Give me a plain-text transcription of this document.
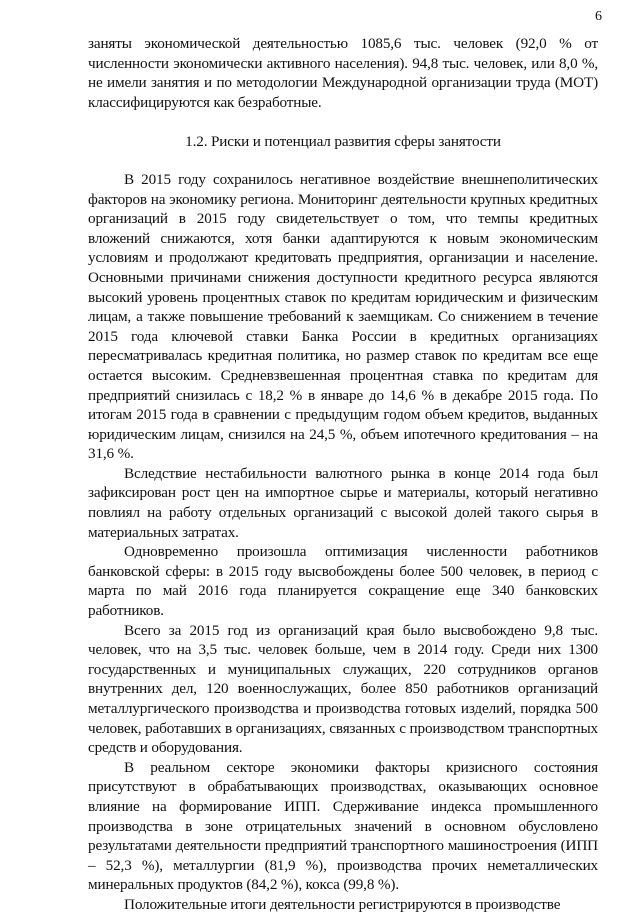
6

заняты экономической деятельностью 1085,6 тыс. человек (92,0 % от численности экономически активного населения). 94,8 тыс. человек, или 8,0 %, не имели занятия и по методологии Международной организации труда (МОТ) классифицируются как безработные.

1.2. Риски и потенциал развития сферы занятости

В 2015 году сохранилось негативное воздействие внешнеполитических факторов на экономику региона. Мониторинг деятельности крупных кредитных организаций в 2015 году свидетельствует о том, что темпы кредитных вложений снижаются, хотя банки адаптируются к новым экономическим условиям и продолжают кредитовать предприятия, организации и население. Основными причинами снижения доступности кредитного ресурса являются высокий уровень процентных ставок по кредитам юридическим и физическим лицам, а также повышение требований к заемщикам. Со снижением в течение 2015 года ключевой ставки Банка России в кредитных организациях пересматривалась кредитная политика, но размер ставок по кредитам все еще остается высоким. Средневзвешенная процентная ставка по кредитам для предприятий снизилась с 18,2 % в январе до 14,6 % в декабре 2015 года. По итогам 2015 года в сравнении с предыдущим годом объем кредитов, выданных юридическим лицам, снизился на 24,5 %, объем ипотечного кредитования – на 31,6 %.

Вследствие нестабильности валютного рынка в конце 2014 года был зафиксирован рост цен на импортное сырье и материалы, который негативно повлиял на работу отдельных организаций с высокой долей такого сырья в материальных затратах.

Одновременно произошла оптимизация численности работников банковской сферы: в 2015 году высвобождены более 500 человек, в период с марта по май 2016 года планируется сокращение еще 340 банковских работников.

Всего за 2015 год из организаций края было высвобождено 9,8 тыс. человек, что на 3,5 тыс. человек больше, чем в 2014 году. Среди них 1300 государственных и муниципальных служащих, 220 сотрудников органов внутренних дел, 120 военнослужащих, более 850 работников организаций металлургического производства и производства готовых изделий, порядка 500 человек, работавших в организациях, связанных с производством транспортных средств и оборудования.

В реальном секторе экономики факторы кризисного состояния присутствуют в обрабатывающих производствах, оказывающих основное влияние на формирование ИПП. Сдерживание индекса промышленного производства в зоне отрицательных значений в основном обусловлено результатами деятельности предприятий транспортного машиностроения (ИПП – 52,3 %), металлургии (81,9 %), производства прочих неметаллических минеральных продуктов (84,2 %), кокса (99,8 %).

Положительные итоги деятельности регистрируются в производстве
